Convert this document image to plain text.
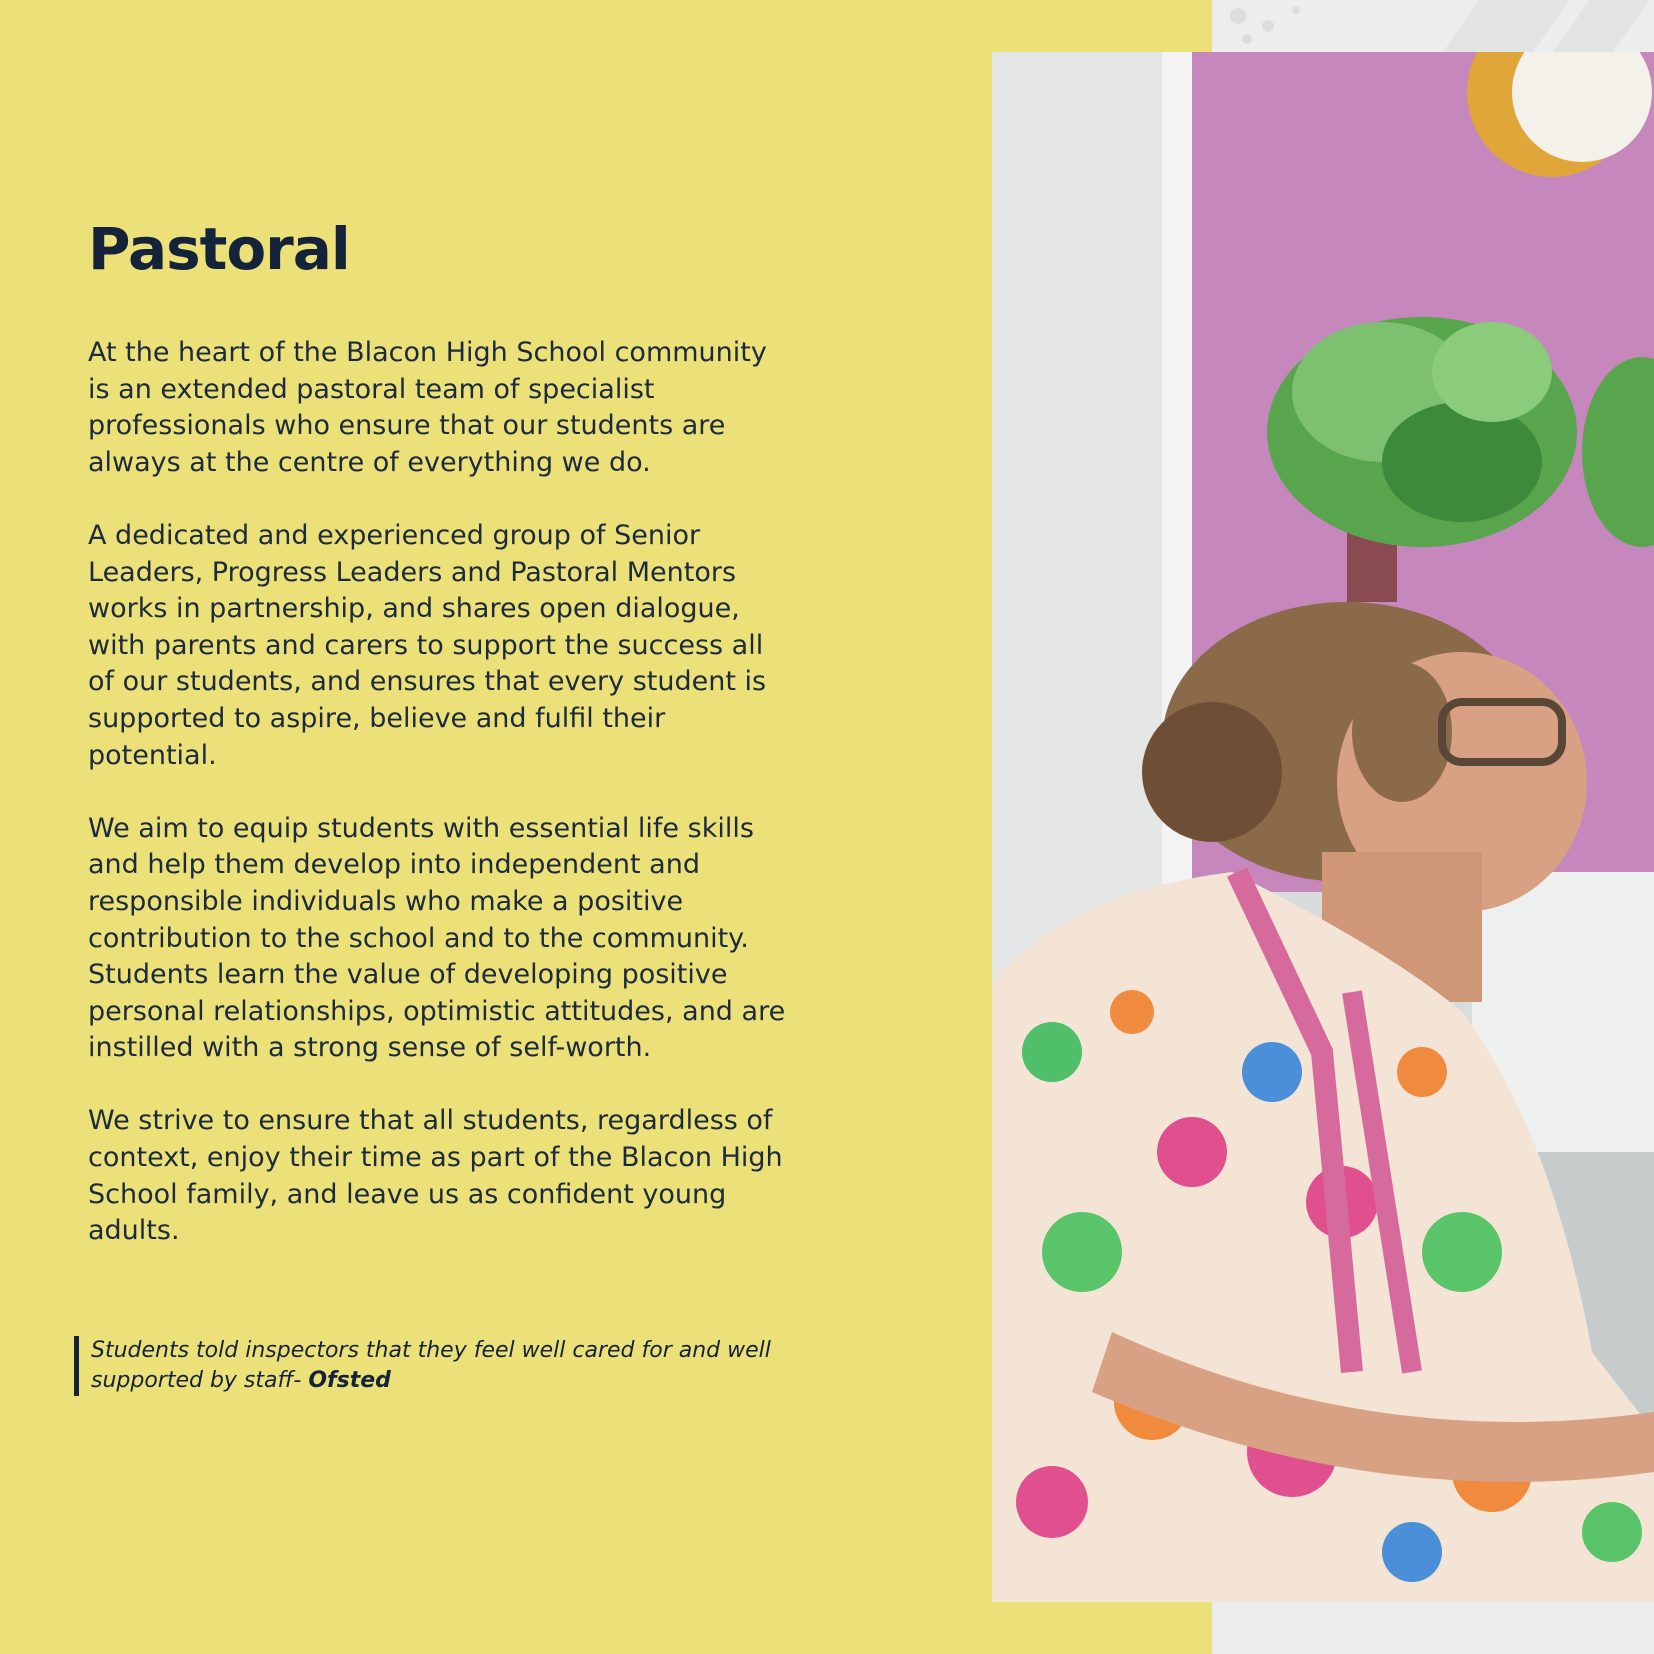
Pastoral

At the heart of the Blacon High School community
is an extended pastoral team of specialist
professionals who ensure that our students are
always at the centre of everything we do.

A dedicated and experienced group of Senior
Leaders, Progress Leaders and Pastoral Mentors
works in partnership, and shares open dialogue,
with parents and carers to support the success all
of our students, and ensures that every student is
supported to aspire, believe and fulfil their
potential.

We aim to equip students with essential life skills
and help them develop into independent and
responsible individuals who make a positive
contribution to the school and to the community.
Students learn the value of developing positive
personal relationships, optimistic attitudes, and are
instilled with a strong sense of self-worth.

We strive to ensure that all students, regardless of
context, enjoy their time as part of the Blacon High
School family, and leave us as confident young
adults.

Students told inspectors that they feel well cared for and well
supported by staff- Ofsted
